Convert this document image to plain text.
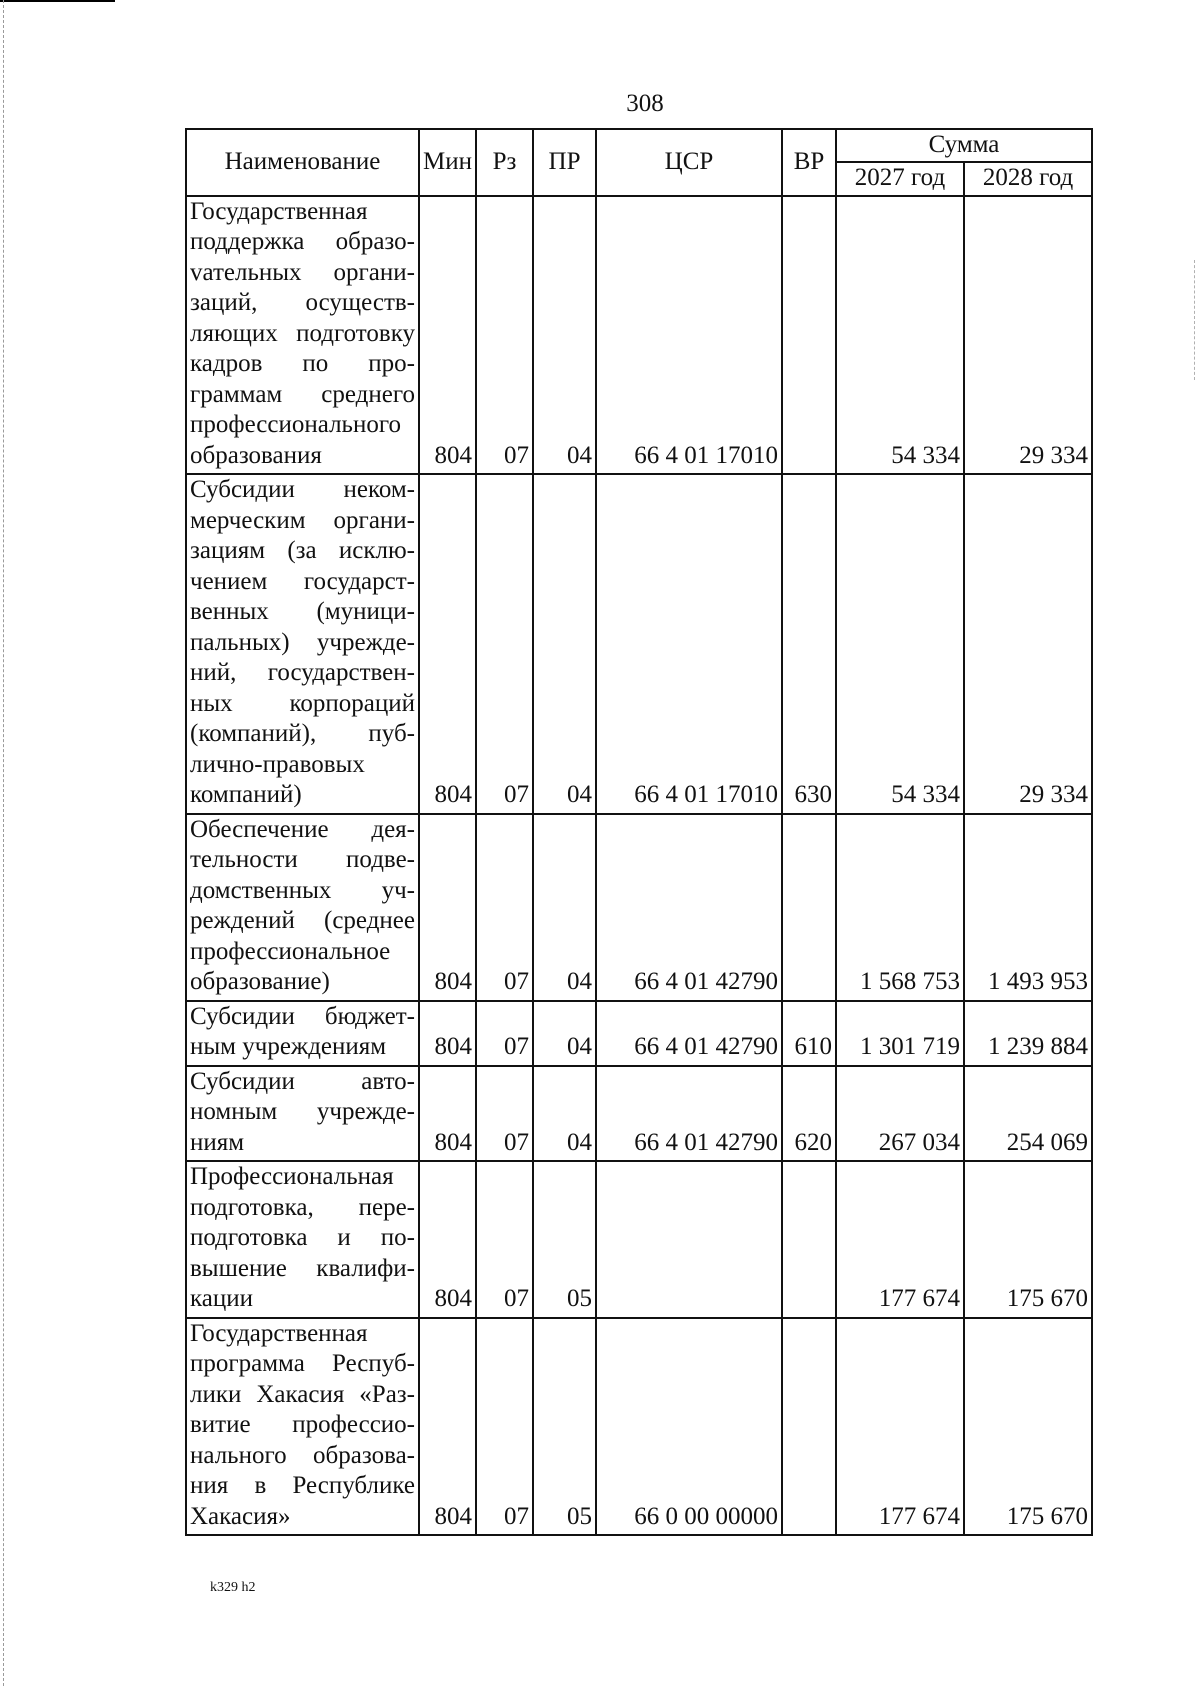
308
Наименование	Мин	Рз	ПР	ЦСР	ВР	Сумма	
						2027 год	2028 год
Государственная поддержка образоvательных организаций, осуществляющих подготовку кадров по программам среднего профессионального образования	804	07	04	66 4 01 17010		54 334	29 334
Субсидии некоммерческим организациям (за исключением государственных (муниципальных) учреждений, государственных корпораций (компаний), публично-правовых компаний)	804	07	04	66 4 01 17010	630	54 334	29 334
Обеспечение деятельности подведомственных учреждений (среднее профессиональное образование)	804	07	04	66 4 01 42790		1 568 753	1 493 953
Субсидии бюджетным учреждениям	804	07	04	66 4 01 42790	610	1 301 719	1 239 884
Субсидии автономным учреждениям	804	07	04	66 4 01 42790	620	267 034	254 069
Профессиональная подготовка, переподготовка и повышение квалификации	804	07	05			177 674	175 670
Государственная программа Республики Хакасия «Развитие профессионального образования в Республике Хакасия»	804	07	05	66 0 00 00000		177 674	175 670
k329 h2
